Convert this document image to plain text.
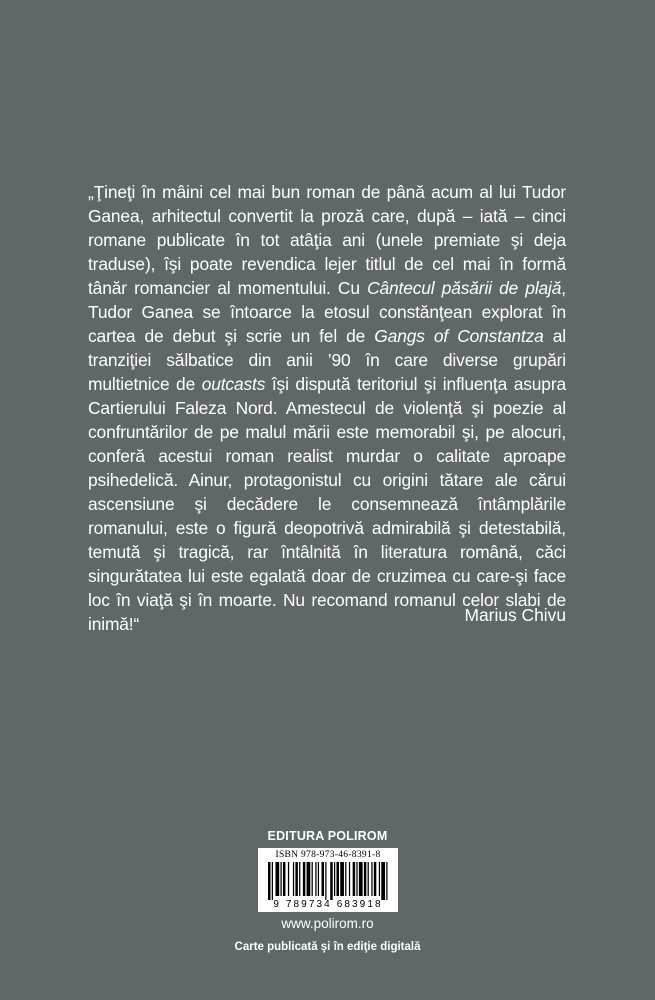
„Ţineţi în mâini cel mai bun roman de până acum al lui Tudor Ganea, arhitectul convertit la proză care, după – iată – cinci romane publicate în tot atâţia ani (unele premiate şi deja traduse), îşi poate revendica lejer titlul de cel mai în formă tânăr romancier al momentului. Cu Cântecul păsării de plajă, Tudor Ganea se întoarce la etosul constănţean explorat în cartea de debut şi scrie un fel de Gangs of Constantza al tranziţiei sălbatice din anii ’90 în care diverse grupări multietnice de outcasts îşi dispută teritoriul şi influenţa asupra Cartierului Faleza Nord. Amestecul de violenţă şi poezie al confruntărilor de pe malul mării este memorabil şi, pe alocuri, conferă acestui roman realist murdar o calitate aproape psihedelică. Ainur, protagonistul cu origini tătare ale cărui ascensiune şi decădere le consemnează întâmplările romanului, este o figură deopotrivă admirabilă şi detestabilă, temută şi tragică, rar întâlnită în literatura română, căci singurătatea lui este egalată doar de cruzimea cu care-şi face loc în viaţă şi în moarte. Nu recomand romanul celor slabi de inimă!“	Marius Chivu
EDITURA POLIROM
ISBN 978-973-46-8391-8
9 789734 683918
www.polirom.ro
Carte publicată şi în ediţie digitală
